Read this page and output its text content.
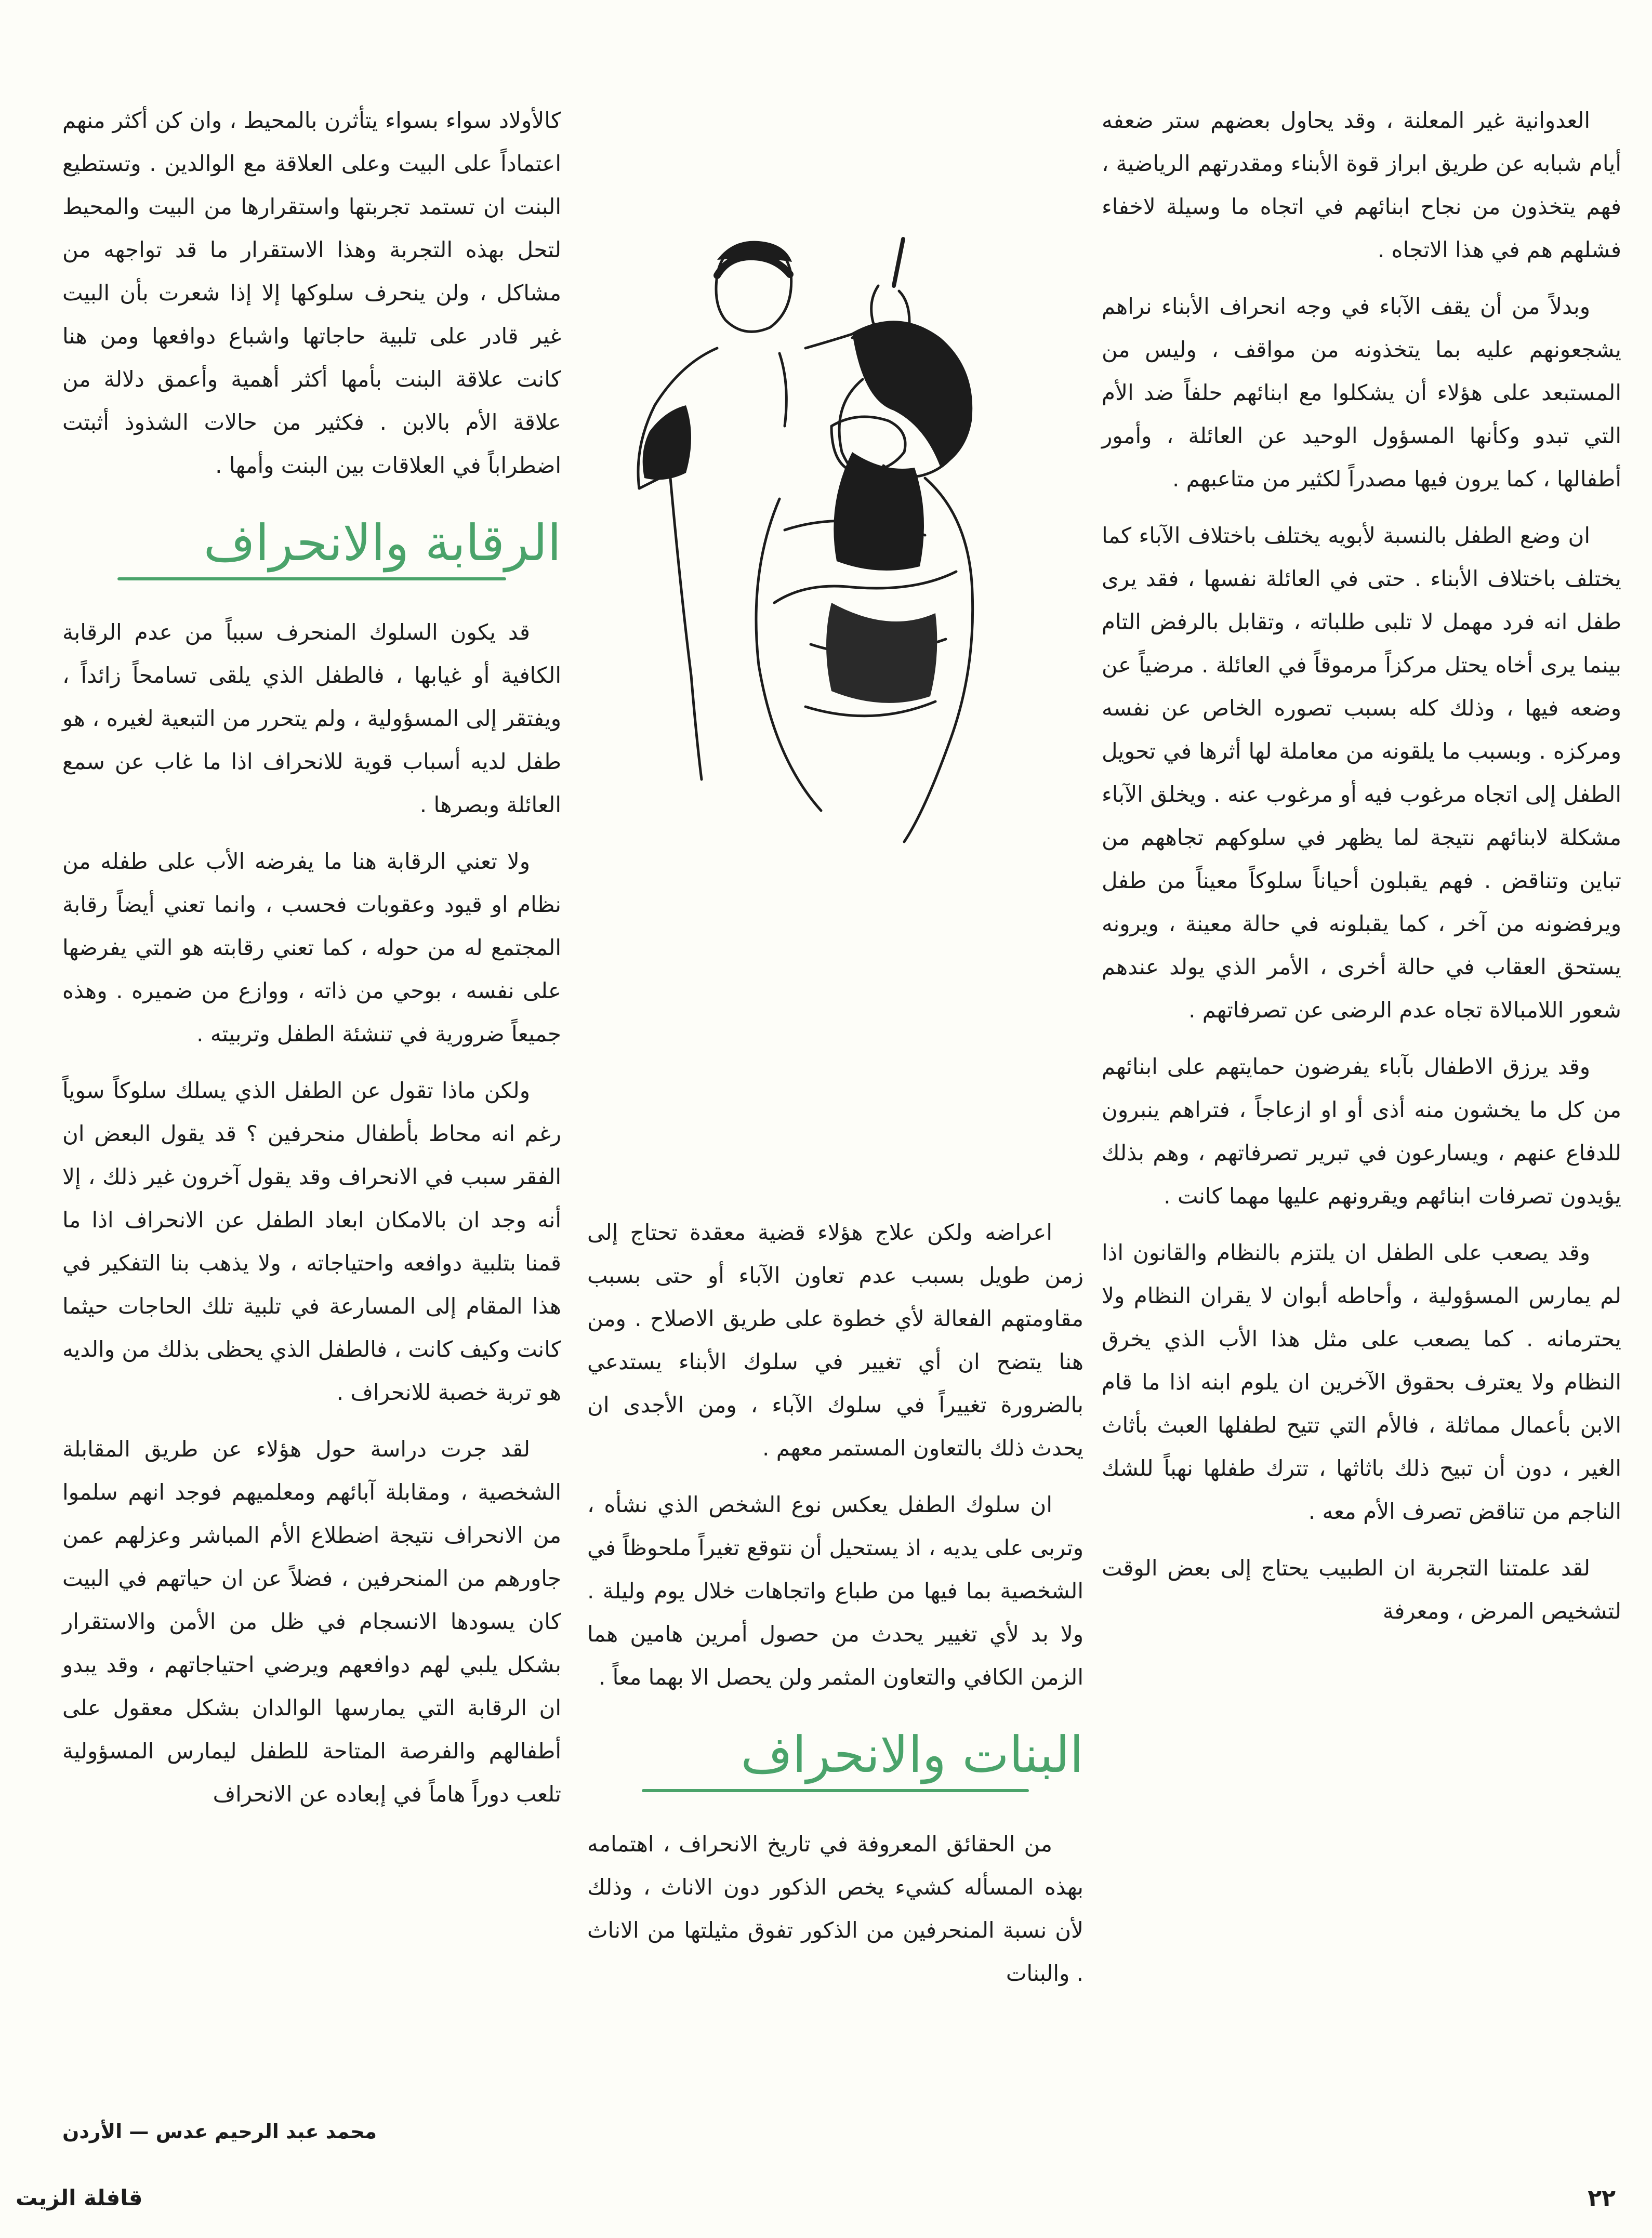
العدوانية غير المعلنة ، وقد يحاول بعضهم ستر ضعفه أيام شبابه عن طريق ابراز قوة الأبناء ومقدرتهم الرياضية ، فهم يتخذون من نجاح ابنائهم في اتجاه ما وسيلة لاخفاء فشلهم هم في هذا الاتجاه .

وبدلاً من أن يقف الآباء في وجه انحراف الأبناء نراهم يشجعونهم عليه بما يتخذونه من مواقف ، وليس من المستبعد على هؤلاء أن يشكلوا مع ابنائهم حلفاً ضد الأم التي تبدو وكأنها المسؤول الوحيد عن العائلة ، وأمور أطفالها ، كما يرون فيها مصدراً لكثير من متاعبهم .

ان وضع الطفل بالنسبة لأبويه يختلف باختلاف الآباء كما يختلف باختلاف الأبناء . حتى في العائلة نفسها ، فقد يرى طفل انه فرد مهمل لا تلبى طلباته ، وتقابل بالرفض التام بينما يرى أخاه يحتل مركزاً مرموقاً في العائلة . مرضياً عن وضعه فيها ، وذلك كله بسبب تصوره الخاص عن نفسه ومركزه . وبسبب ما يلقونه من معاملة لها أثرها في تحويل الطفل إلى اتجاه مرغوب فيه أو مرغوب عنه . ويخلق الآباء مشكلة لابنائهم نتيجة لما يظهر في سلوكهم تجاههم من تباين وتناقض . فهم يقبلون أحياناً سلوكاً معيناً من طفل ويرفضونه من آخر ، كما يقبلونه في حالة معينة ، ويرونه يستحق العقاب في حالة أخرى ، الأمر الذي يولد عندهم شعور اللامبالاة تجاه عدم الرضى عن تصرفاتهم .

وقد يرزق الاطفال بآباء يفرضون حمايتهم على ابنائهم من كل ما يخشون منه أذى أو او ازعاجاً ، فتراهم ينبرون للدفاع عنهم ، ويسارعون في تبرير تصرفاتهم ، وهم بذلك يؤيدون تصرفات ابنائهم ويقرونهم عليها مهما كانت .

وقد يصعب على الطفل ان يلتزم بالنظام والقانون اذا لم يمارس المسؤولية ، وأحاطه أبوان لا يقران النظام ولا يحترمانه . كما يصعب على مثل هذا الأب الذي يخرق النظام ولا يعترف بحقوق الآخرين ان يلوم ابنه اذا ما قام الابن بأعمال مماثلة ، فالأم التي تتيح لطفلها العبث بأثاث الغير ، دون أن تبيح ذلك باثاثها ، تترك طفلها نهباً للشك الناجم من تناقض تصرف الأم معه .

لقد علمتنا التجربة ان الطبيب يحتاج إلى بعض الوقت لتشخيص المرض ، ومعرفة

اعراضه ولكن علاج هؤلاء قضية معقدة تحتاج إلى زمن طويل بسبب عدم تعاون الآباء أو حتى بسبب مقاومتهم الفعالة لأي خطوة على طريق الاصلاح . ومن هنا يتضح ان أي تغيير في سلوك الأبناء يستدعي بالضرورة تغييراً في سلوك الآباء ، ومن الأجدى ان يحدث ذلك بالتعاون المستمر معهم .

ان سلوك الطفل يعكس نوع الشخص الذي نشأه ، وتربى على يديه ، اذ يستحيل أن نتوقع تغيراً ملحوظاً في الشخصية بما فيها من طباع واتجاهات خلال يوم وليلة . ولا بد لأي تغيير يحدث من حصول أمرين هامين هما الزمن الكافي والتعاون المثمر ولن يحصل الا بهما معاً .

البنات والانحراف

من الحقائق المعروفة في تاريخ الانحراف ، اهتمامه بهذه المسأله كشيء يخص الذكور دون الاناث ، وذلك لأن نسبة المنحرفين من الذكور تفوق مثيلتها من الاناث . والبنات

كالأولاد سواء بسواء يتأثرن بالمحيط ، وان كن أكثر منهم اعتماداً على البيت وعلى العلاقة مع الوالدين . وتستطيع البنت ان تستمد تجربتها واستقرارها من البيت والمحيط لتحل بهذه التجربة وهذا الاستقرار ما قد تواجهه من مشاكل ، ولن ينحرف سلوكها إلا إذا شعرت بأن البيت غير قادر على تلبية حاجاتها واشباع دوافعها ومن هنا كانت علاقة البنت بأمها أكثر أهمية وأعمق دلالة من علاقة الأم بالابن . فكثير من حالات الشذوذ أثبتت اضطراباً في العلاقات بين البنت وأمها .

الرقابة والانحراف

قد يكون السلوك المنحرف سبباً من عدم الرقابة الكافية أو غيابها ، فالطفل الذي يلقى تسامحاً زائداً ، ويفتقر إلى المسؤولية ، ولم يتحرر من التبعية لغيره ، هو طفل لديه أسباب قوية للانحراف اذا ما غاب عن سمع العائلة وبصرها .

ولا تعني الرقابة هنا ما يفرضه الأب على طفله من نظام او قيود وعقوبات فحسب ، وانما تعني أيضاً رقابة المجتمع له من حوله ، كما تعني رقابته هو التي يفرضها على نفسه ، بوحي من ذاته ، ووازع من ضميره . وهذه جميعاً ضرورية في تنشئة الطفل وتربيته .

ولكن ماذا تقول عن الطفل الذي يسلك سلوكاً سوياً رغم انه محاط بأطفال منحرفين ؟ قد يقول البعض ان الفقر سبب في الانحراف وقد يقول آخرون غير ذلك ، إلا أنه وجد ان بالامكان ابعاد الطفل عن الانحراف اذا ما قمنا بتلبية دوافعه واحتياجاته ، ولا يذهب بنا التفكير في هذا المقام إلى المسارعة في تلبية تلك الحاجات حيثما كانت وكيف كانت ، فالطفل الذي يحظى بذلك من والديه هو تربة خصبة للانحراف .

لقد جرت دراسة حول هؤلاء عن طريق المقابلة الشخصية ، ومقابلة آبائهم ومعلميهم فوجد انهم سلموا من الانحراف نتيجة اضطلاع الأم المباشر وعزلهم عمن جاورهم من المنحرفين ، فضلاً عن ان حياتهم في البيت كان يسودها الانسجام في ظل من الأمن والاستقرار بشكل يلبي لهم دوافعهم ويرضي احتياجاتهم ، وقد يبدو ان الرقابة التي يمارسها الوالدان بشكل معقول على أطفالهم والفرصة المتاحة للطفل ليمارس المسؤولية تلعب دوراً هاماً في إبعاده عن الانحراف

محمد عبد الرحيم عدس — الأردن
٢٢
قافلة الزيت
